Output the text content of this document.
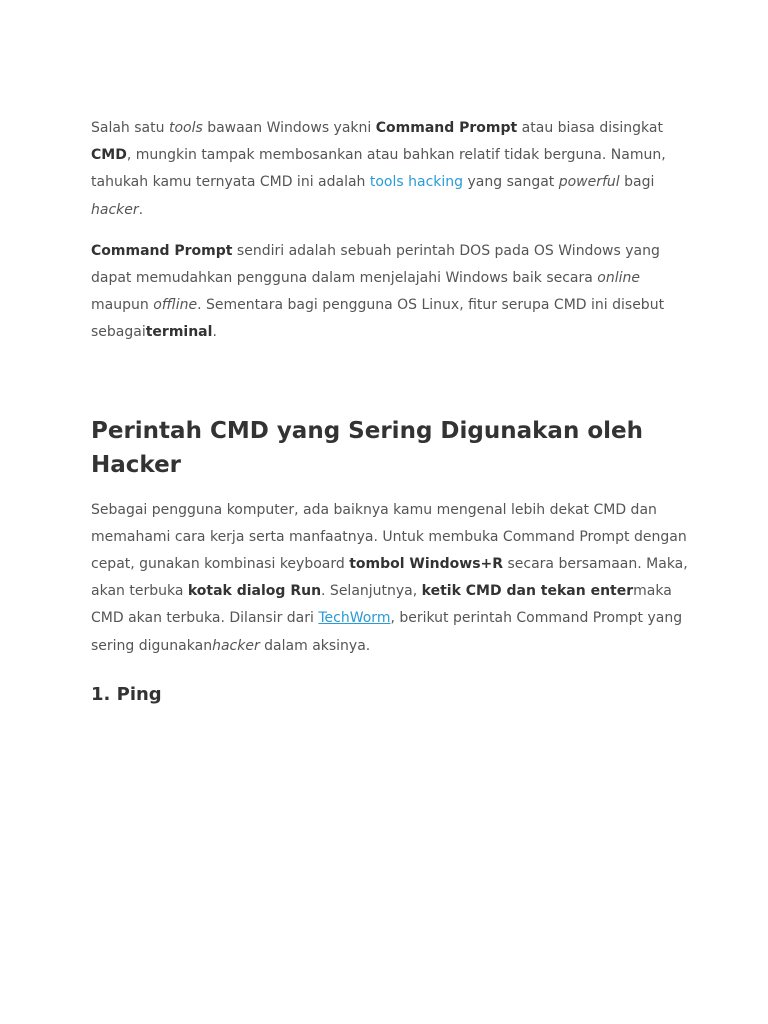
Salah satu tools bawaan Windows yakni Command Prompt atau biasa disingkat CMD, mungkin tampak membosankan atau bahkan relatif tidak berguna. Namun, tahukah kamu ternyata CMD ini adalah tools hacking yang sangat powerful bagi hacker.

Command Prompt sendiri adalah sebuah perintah DOS pada OS Windows yang dapat memudahkan pengguna dalam menjelajahi Windows baik secara online maupun offline. Sementara bagi pengguna OS Linux, fitur serupa CMD ini disebut sebagaiterminal.

Perintah CMD yang Sering Digunakan oleh Hacker

Sebagai pengguna komputer, ada baiknya kamu mengenal lebih dekat CMD dan memahami cara kerja serta manfaatnya. Untuk membuka Command Prompt dengan cepat, gunakan kombinasi keyboard tombol Windows+R secara bersamaan. Maka, akan terbuka kotak dialog Run. Selanjutnya, ketik CMD dan tekan entermaka CMD akan terbuka. Dilansir dari TechWorm, berikut perintah Command Prompt yang sering digunakanhacker dalam aksinya.

1. Ping
